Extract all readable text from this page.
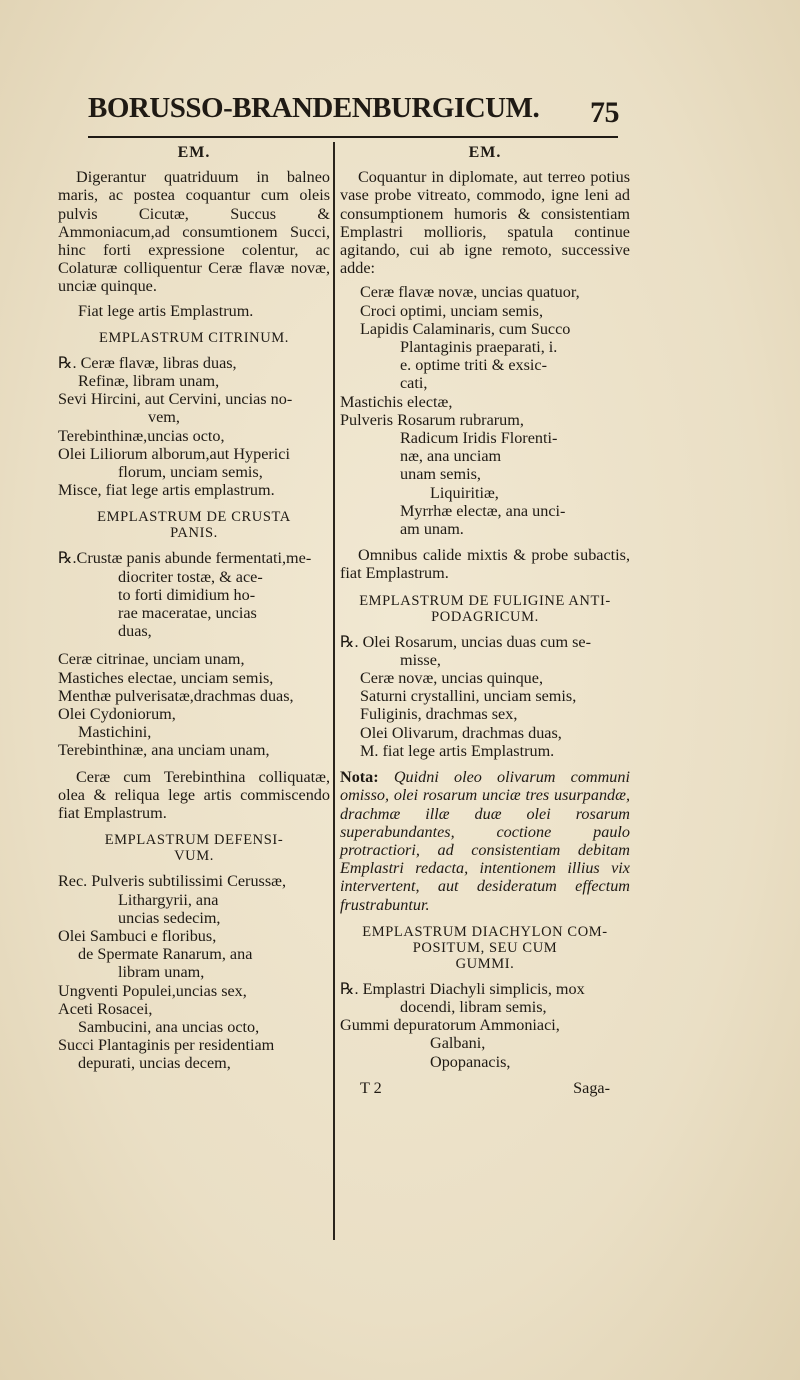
BORUSSO-BRANDENBURGICUM. 75
EM.
Digerantur quatriduum in balneo maris, ac postea coquantur cum oleis pulvis Cicutæ, Succus & Ammoniacum,ad consumtionem Succi, hinc forti expressione colentur, ac Colaturæ colliquentur Ceræ flavæ novæ, unciæ quinque.
Fiat lege artis Emplastrum.
EMPLASTRUM CITRINUM.
℞. Ceræ flavæ, libras duas,
Refinæ, libram unam,
Sevi Hircini, aut Cervini, uncias no-
vem,
Terebinthinæ,uncias octo,
Olei Liliorum alborum,aut Hyperici
florum, unciam semis,
Misce, fiat lege artis emplastrum.
EMPLASTRUM DE CRUSTA
PANIS.
℞.Crustæ panis abunde fermentati,me-
diocriter tostæ, & ace-
to forti dimidium ho-
rae maceratae, uncias
duas,
Ceræ citrinae, unciam unam,
Mastiches electae, unciam semis,
Menthæ pulverisatæ,drachmas duas,
Olei Cydoniorum,
Mastichini,
Terebinthinæ, ana unciam unam,
Ceræ cum Terebinthina colliquatæ, olea & reliqua lege artis commiscendo fiat Emplastrum.
EMPLASTRUM DEFENSI-
VUM.
Rec. Pulveris subtilissimi Cerussæ,
Lithargyrii, ana
uncias sedecim,
Olei Sambuci e floribus,
de Spermate Ranarum, ana
libram unam,
Ungventi Populei,uncias sex,
Aceti Rosacei,
Sambucini, ana uncias octo,
Succi Plantaginis per residentiam
depurati, uncias decem,
EM.
Coquantur in diplomate, aut terreo potius vase probe vitreato, commodo, igne leni ad consumptionem humoris & consistentiam Emplastri mollioris, spatula continue agitando, cui ab igne remoto, successive adde:
Ceræ flavæ novæ, uncias quatuor,
Croci optimi, unciam semis,
Lapidis Calaminaris, cum Succo
Plantaginis praeparati, i.
e. optime triti & exsic-
cati,
Mastichis electæ,
Pulveris Rosarum rubrarum,
Radicum Iridis Florenti-
næ, ana unciam
unam semis,
Liquiritiæ,
Myrrhæ electæ, ana unci-
am unam.
Omnibus calide mixtis & probe subactis, fiat Emplastrum.
EMPLASTRUM DE FULIGINE ANTI-
PODAGRICUM.
℞. Olei Rosarum, uncias duas cum se-
misse,
Ceræ novæ, uncias quinque,
Saturni crystallini, unciam semis,
Fuliginis, drachmas sex,
Olei Olivarum, drachmas duas,
M. fiat lege artis Emplastrum.
Nota: Quidni oleo olivarum communi omisso, olei rosarum unciæ tres usurpandæ, drachmæ illæ duæ olei rosarum superabundantes, coctione paulo protractiori, ad consistentiam debitam Emplastri redacta, intentionem illius vix intervertent, aut desideratum effectum frustrabuntur.
EMPLASTRUM DIACHYLON COM-
POSITUM, SEU CUM
GUMMI.
℞. Emplastri Diachyli simplicis, mox
docendi, libram semis,
Gummi depuratorum Ammoniaci,
Galbani,
Opopanacis,
T 2	Saga-
